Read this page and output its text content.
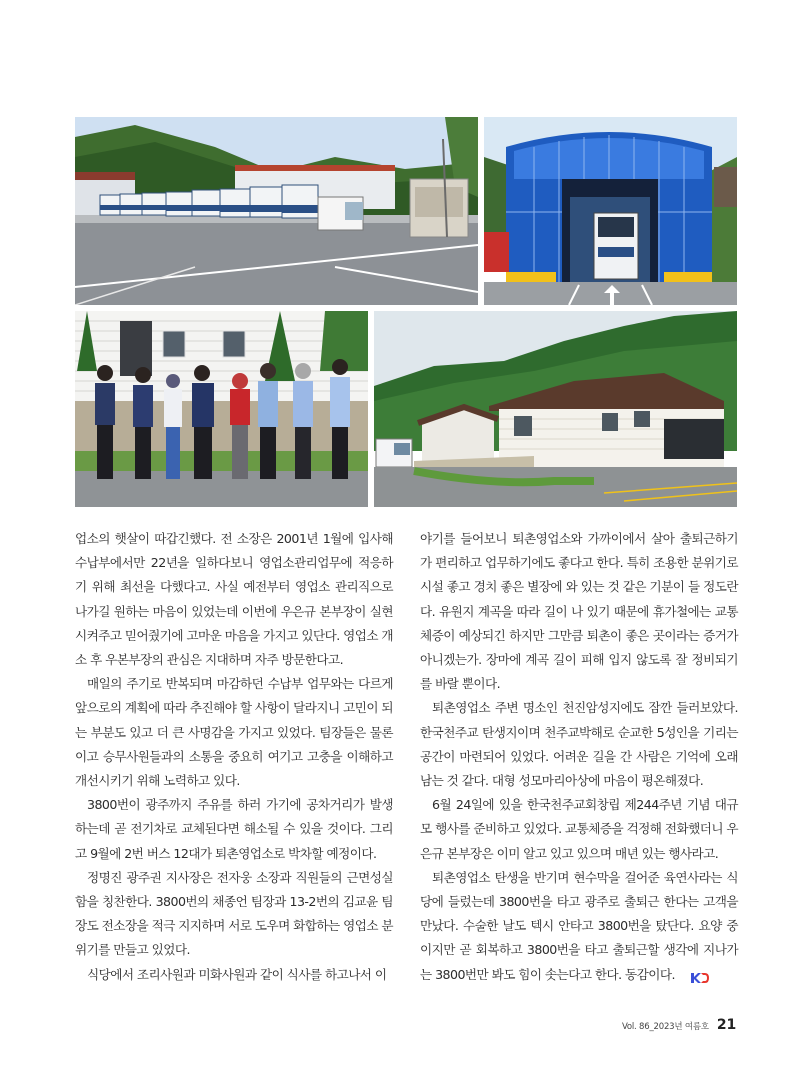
업소의 햇살이 따갑긴했다. 전 소장은 2001년 1월에 입사해 수납부에서만 22년을 일하다보니 영업소관리업무에 적응하기 위해 최선을 다했다고. 사실 예전부터 영업소 관리직으로 나가길 원하는 마음이 있었는데 이번에 우은규 본부장이 실현시켜주고 믿어줬기에 고마운 마음을 가지고 있단다. 영업소 개소 후 우본부장의 관심은 지대하며 자주 방문한다고.

매일의 주기로 반복되며 마감하던 수납부 업무와는 다르게 앞으로의 계획에 따라 추진해야 할 사항이 달라지니 고민이 되는 부분도 있고 더 큰 사명감을 가지고 있었다. 팀장들은 물론이고 승무사원들과의 소통을 중요히 여기고 고충을 이해하고 개선시키기 위해 노력하고 있다.

3800번이 광주까지 주유를 하러 가기에 공차거리가 발생하는데 곧 전기차로 교체된다면 해소될 수 있을 것이다. 그리고 9월에 2번 버스 12대가 퇴촌영업소로 박차할 예정이다.

정명진 광주권 지사장은 전자웅 소장과 직원들의 근면성실함을 칭찬한다. 3800번의 채종언 팀장과 13-2번의 김교윤 팀장도 전소장을 적극 지지하며 서로 도우며 화합하는 영업소 분위기를 만들고 있었다.

식당에서 조리사원과 미화사원과 같이 식사를 하고나서 이

야기를 들어보니 퇴촌영업소와 가까이에서 살아 출퇴근하기가 편리하고 업무하기에도 좋다고 한다. 특히 조용한 분위기로 시설 좋고 경치 좋은 별장에 와 있는 것 같은 기분이 들 정도란다. 유원지 계곡을 따라 길이 나 있기 때문에 휴가철에는 교통체증이 예상되긴 하지만 그만큼 퇴촌이 좋은 곳이라는 증거가 아니겠는가. 장마에 계곡 길이 피해 입지 않도록 잘 정비되기를 바랄 뿐이다.

퇴촌영업소 주변 명소인 천진암성지에도 잠깐 들러보았다. 한국천주교 탄생지이며 천주교박해로 순교한 5성인을 기리는 공간이 마련되어 있었다. 어려운 길을 간 사람은 기억에 오래 남는 것 같다. 대형 성모마리아상에 마음이 평온해졌다.

6월 24일에 있을 한국천주교회창립 제244주년 기념 대규모 행사를 준비하고 있었다. 교통체증을 걱정해 전화했더니 우은규 본부장은 이미 알고 있고 있으며 매년 있는 행사라고.

퇴촌영업소 탄생을 반기며 현수막을 걸어준 육연사라는 식당에 들렀는데 3800번을 타고 광주로 출퇴근 한다는 고객을 만났다. 수술한 날도 텍시 안타고 3800번을 탔단다. 요양 중이지만 곧 회복하고 3800번을 타고 출퇴근할 생각에 지나가는 3800번만 봐도 힘이 솟는다고 한다. 동감이다.

Vol. 86_2023년 여름호 21
